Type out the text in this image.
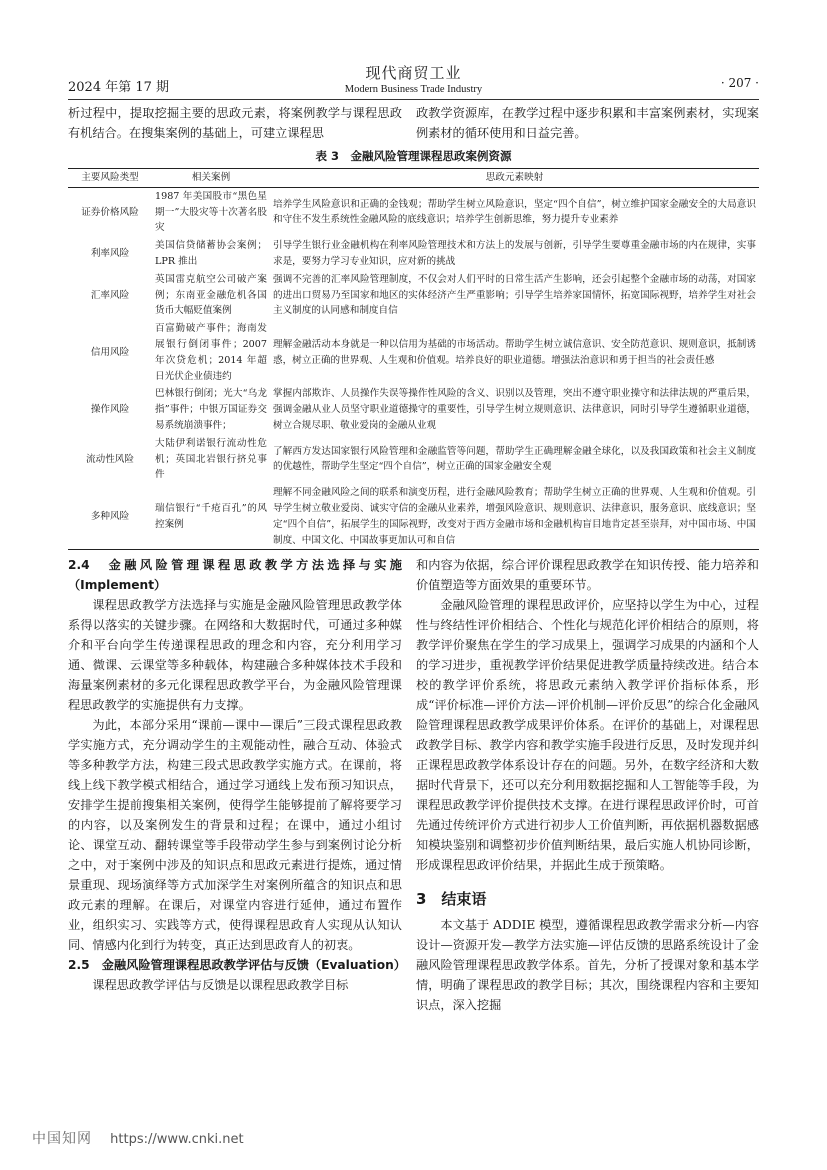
2024 年第 17 期
现代商贸工业
Modern Business Trade Industry	· 207 ·

析过程中，提取挖掘主要的思政元素，将案例教学与课程思政有机结合。在搜集案例的基础上，可建立课程思

政教学资源库，在教学过程中逐步积累和丰富案例素材，实现案例素材的循环使用和日益完善。

表 3　金融风险管理课程思政案例资源
主要风险类型	相关案例	思政元素映射
证券价格风险	1987 年美国股市“黑色星期一”大股灾等十次著名股灾	培养学生风险意识和正确的金钱观；帮助学生树立风险意识，坚定“四个自信”，树立维护国家金融安全的大局意识和守住不发生系统性金融风险的底线意识；培养学生创新思维，努力提升专业素养
利率风险	美国信贷储蓄协会案例；LPR 推出	引导学生银行业金融机构在利率风险管理技术和方法上的发展与创新，引导学生要尊重金融市场的内在规律，实事求是，要努力学习专业知识，应对新的挑战
汇率风险	英国雷克航空公司破产案例；东南亚金融危机各国货币大幅贬值案例	强调不完善的汇率风险管理制度，不仅会对人们平时的日常生活产生影响，还会引起整个金融市场的动荡，对国家的进出口贸易乃至国家和地区的实体经济产生严重影响；引导学生培养家国情怀，拓宽国际视野，培养学生对社会主义制度的认同感和制度自信
信用风险	百富勤破产事件；海南发展银行倒闭事件；2007 年次贷危机；2014 年超日光伏企业债违约	理解金融活动本身就是一种以信用为基础的市场活动。帮助学生树立诚信意识、安全防范意识、规则意识，抵制诱惑，树立正确的世界观、人生观和价值观。培养良好的职业道德。增强法治意识和勇于担当的社会责任感
操作风险	巴林银行倒闭；光大“乌龙指”事件；中银万国证券交易系统崩溃事件；	掌握内部欺诈、人员操作失误等操作性风险的含义、识别以及管理，突出不遵守职业操守和法律法规的严重后果，强调金融从业人员坚守职业道德操守的重要性，引导学生树立规则意识、法律意识，同时引导学生遵循职业道德，树立合规尽职、敬业爱岗的金融从业观
流动性风险	大陆伊利诺银行流动性危机；英国北岩银行挤兑事件	了解西方发达国家银行风险管理和金融监管等问题，帮助学生正确理解金融全球化，以及我国政策和社会主义制度的优越性，帮助学生坚定“四个自信”，树立正确的国家金融安全观
多种风险	瑞信银行“千疮百孔”的风控案例	理解不同金融风险之间的联系和演变历程，进行金融风险教育；帮助学生树立正确的世界观、人生观和价值观。引导学生树立敬业爱岗、诚实守信的金融从业素养，增强风险意识、规则意识、法律意识，服务意识、底线意识；坚定“四个自信”，拓展学生的国际视野，改变对于西方金融市场和金融机构盲目地肯定甚至崇拜，对中国市场、中国制度、中国文化、中国故事更加认可和自信

2.4　金融风险管理课程思政教学方法选择与实施（Implement）

课程思政教学方法选择与实施是金融风险管理思政教学体系得以落实的关键步骤。在网络和大数据时代，可通过多种媒介和平台向学生传递课程思政的理念和内容，充分利用学习通、微课、云课堂等多种载体，构建融合多种媒体技术手段和海量案例素材的多元化课程思政教学平台，为金融风险管理课程思政教学的实施提供有力支撑。

为此，本部分采用“课前—课中—课后”三段式课程思政教学实施方式，充分调动学生的主观能动性，融合互动、体验式等多种教学方法，构建三段式思政教学实施方式。在课前，将线上线下教学模式相结合，通过学习通线上发布预习知识点，安排学生提前搜集相关案例，使得学生能够提前了解将要学习的内容，以及案例发生的背景和过程；在课中，通过小组讨论、课堂互动、翻转课堂等手段带动学生参与到案例讨论分析之中，对于案例中涉及的知识点和思政元素进行提炼，通过情景重现、现场演绎等方式加深学生对案例所蕴含的知识点和思政元素的理解。在课后，对课堂内容进行延伸，通过布置作业，组织实习、实践等方式，使得课程思政育人实现从认知认同、情感内化到行为转变，真正达到思政育人的初衷。

2.5　金融风险管理课程思政教学评估与反馈（Evaluation）

课程思政教学评估与反馈是以课程思政教学目标

和内容为依据，综合评价课程思政教学在知识传授、能力培养和价值塑造等方面效果的重要环节。

金融风险管理的课程思政评价，应坚持以学生为中心，过程性与终结性评价相结合、个性化与规范化评价相结合的原则，将教学评价聚焦在学生的学习成果上，强调学习成果的内涵和个人的学习进步，重视教学评价结果促进教学质量持续改进。结合本校的教学评价系统，将思政元素纳入教学评价指标体系，形成“评价标准—评价方法—评价机制—评价反思”的综合化金融风险管理课程思政教学成果评价体系。在评价的基础上，对课程思政教学目标、教学内容和教学实施手段进行反思，及时发现并纠正课程思政教学体系设计存在的问题。另外，在数字经济和大数据时代背景下，还可以充分利用数据挖掘和人工智能等手段，为课程思政教学评价提供技术支撑。在进行课程思政评价时，可首先通过传统评价方式进行初步人工价值判断，再依据机器数据感知模块鉴别和调整初步价值判断结果，最后实施人机协同诊断，形成课程思政评价结果，并据此生成于预策略。

3　结束语

本文基于 ADDIE 模型，遵循课程思政教学需求分析—内容设计—资源开发—教学方法实施—评估反馈的思路系统设计了金融风险管理课程思政教学体系。首先，分析了授课对象和基本学情，明确了课程思政的教学目标；其次，围绕课程内容和主要知识点，深入挖掘

中国知网 https://www.cnki.net
